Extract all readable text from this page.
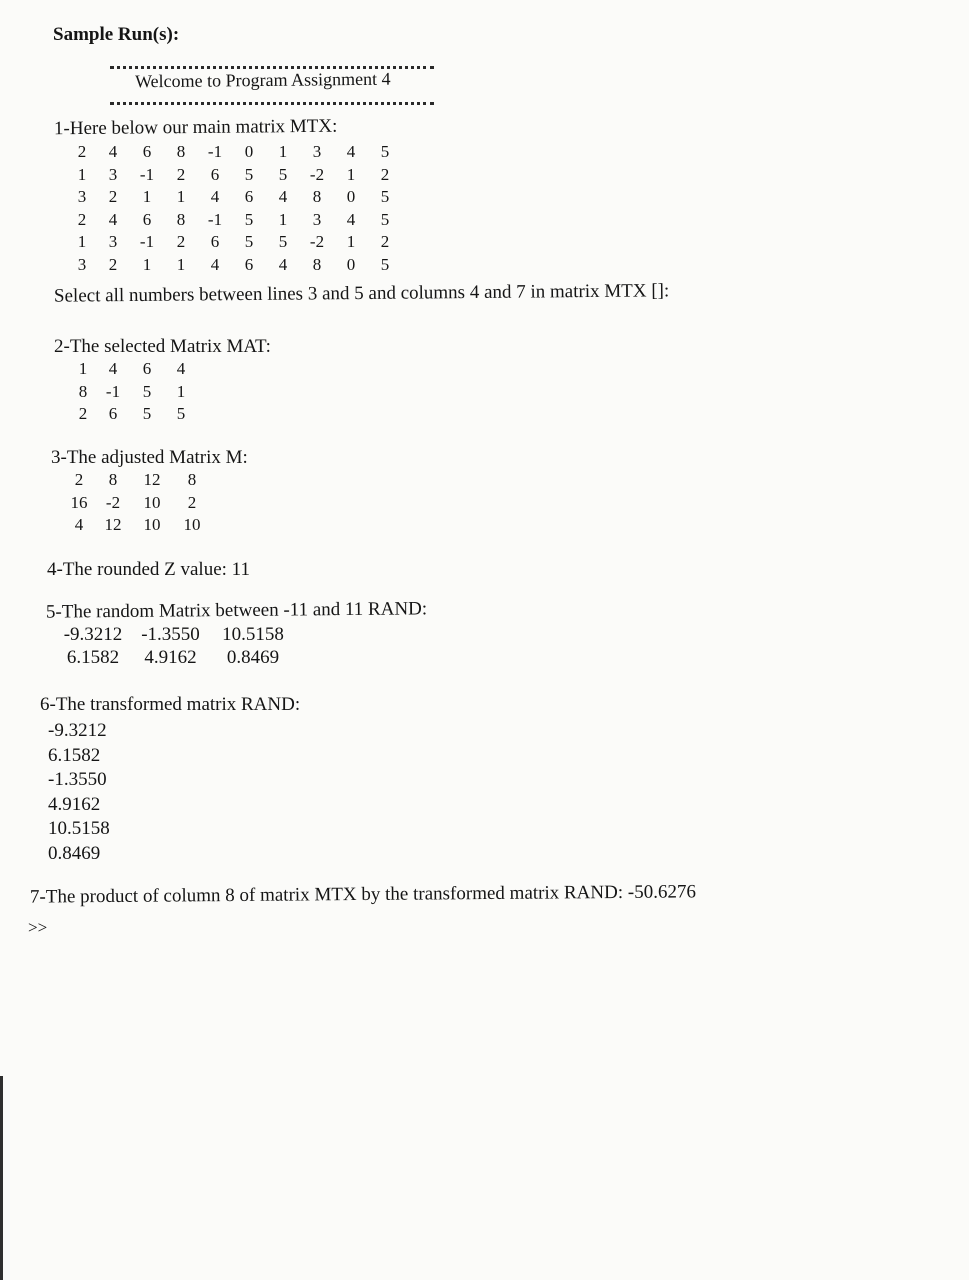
Sample Run(s):
Welcome to Program Assignment 4
1-Here below our main matrix MTX:
2	4	6	8	-1	0	1	3	4	5
1	3	-1	2	6	5	5	-2	1	2
3	2	1	1	4	6	4	8	0	5
2	4	6	8	-1	5	1	3	4	5
1	3	-1	2	6	5	5	-2	1	2
3	2	1	1	4	6	4	8	0	5
Select all numbers between lines 3 and 5 and columns 4 and 7 in matrix MTX []:
2-The selected Matrix MAT:
1	4	6	4
8	-1	5	1
2	6	5	5
3-The adjusted Matrix M:
2	8	12	8
16	-2	10	2
4	12	10	10
4-The rounded Z value: 11
5-The random Matrix between -11 and 11 RAND:
-9.3212	-1.3550	10.5158
6.1582	4.9162	0.8469
6-The transformed matrix RAND:
-9.3212
6.1582
-1.3550
4.9162
10.5158
0.8469
7-The product of column 8 of matrix MTX by the transformed matrix RAND: -50.6276
>>
